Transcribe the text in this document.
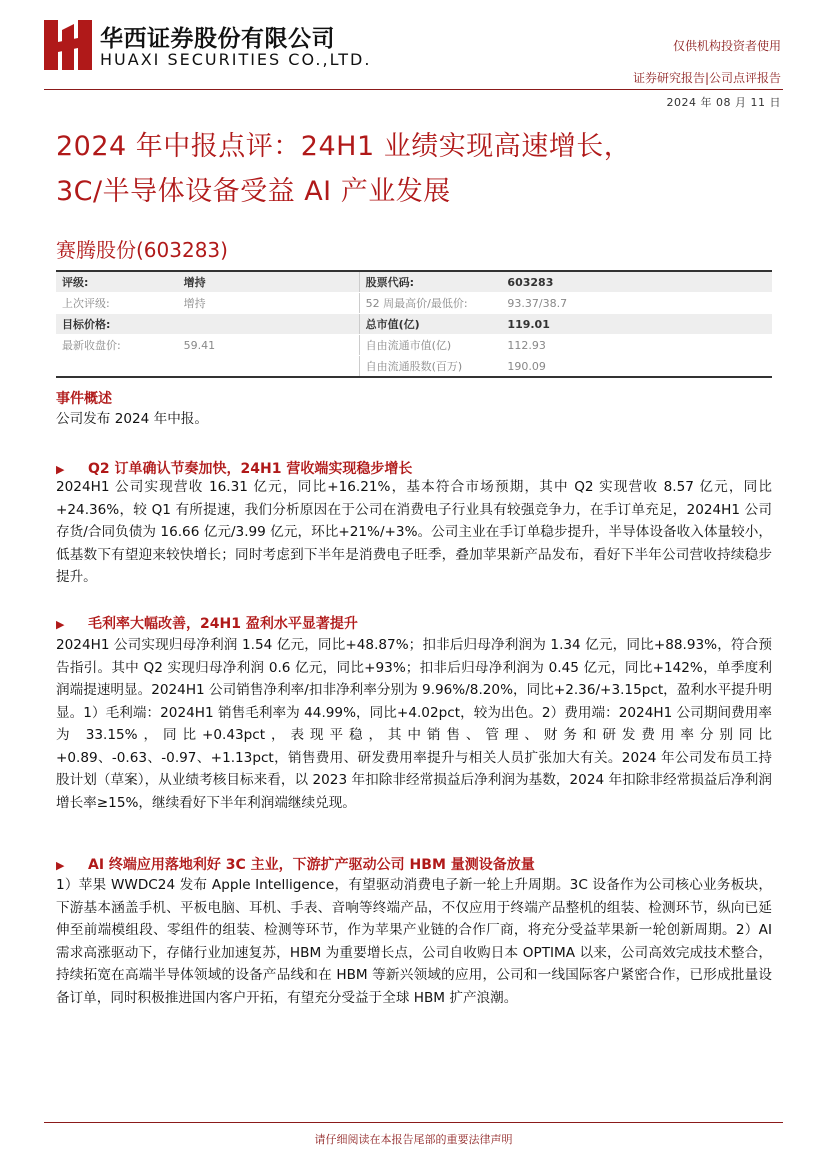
华西证券股份有限公司
HUAXI SECURITIES CO.,LTD.
仅供机构投资者使用
证券研究报告|公司点评报告
2024 年 08 月 11 日
2024 年中报点评：24H1 业绩实现高速增长，
3C/半导体设备受益 AI 产业发展
赛腾股份(603283)
评级:	增持	股票代码:	603283
上次评级:	增持	52 周最高价/最低价:	93.37/38.7
目标价格:		总市值(亿)	119.01
最新收盘价:	59.41	自由流通市值(亿)	112.93
		自由流通股数(百万)	190.09
事件概述
公司发布 2024 年中报。
▶ Q2 订单确认节奏加快，24H1 营收端实现稳步增长
2024H1 公司实现营收 16.31 亿元，同比+16.21%，基本符合市场预期，其中 Q2 实现营收 8.57 亿元，同比+24.36%，较 Q1 有所提速，我们分析原因在于公司在消费电子行业具有较强竞争力，在手订单充足，2024H1 公司存货/合同负债为 16.66 亿元/3.99 亿元，环比+21%/+3%。公司主业在手订单稳步提升，半导体设备收入体量较小，低基数下有望迎来较快增长；同时考虑到下半年是消费电子旺季，叠加苹果新产品发布，看好下半年公司营收持续稳步提升。
▶ 毛利率大幅改善，24H1 盈利水平显著提升
2024H1 公司实现归母净利润 1.54 亿元，同比+48.87%；扣非后归母净利润为 1.34 亿元，同比+88.93%，符合预告指引。其中 Q2 实现归母净利润 0.6 亿元，同比+93%；扣非后归母净利润为 0.45 亿元，同比+142%，单季度利润端提速明显。2024H1 公司销售净利率/扣非净利率分别为 9.96%/8.20%，同比+2.36/+3.15pct，盈利水平提升明显。1）毛利端：2024H1 销售毛利率为 44.99%，同比+4.02pct，较为出色。2）费用端：2024H1 公司期间费用率为 33.15%，同比+0.43pct，表现平稳，其中销售、管理、财务和研发费用率分别同比+0.89、-0.63、-0.97、+1.13pct，销售费用、研发费用率提升与相关人员扩张加大有关。2024 年公司发布员工持股计划（草案），从业绩考核目标来看，以 2023 年扣除非经常损益后净利润为基数，2024 年扣除非经常损益后净利润增长率≥15%，继续看好下半年利润端继续兑现。
▶ AI 终端应用落地利好 3C 主业，下游扩产驱动公司 HBM 量测设备放量
1）苹果 WWDC24 发布 Apple Intelligence，有望驱动消费电子新一轮上升周期。3C 设备作为公司核心业务板块，下游基本涵盖手机、平板电脑、耳机、手表、音响等终端产品，不仅应用于终端产品整机的组装、检测环节，纵向已延伸至前端模组段、零组件的组装、检测等环节，作为苹果产业链的合作厂商，将充分受益苹果新一轮创新周期。2）AI 需求高涨驱动下，存储行业加速复苏，HBM 为重要增长点，公司自收购日本 OPTIMA 以来，公司高效完成技术整合，持续拓宽在高端半导体领域的设备产品线和在 HBM 等新兴领域的应用，公司和一线国际客户紧密合作，已形成批量设备订单，同时积极推进国内客户开拓，有望充分受益于全球 HBM 扩产浪潮。
请仔细阅读在本报告尾部的重要法律声明
